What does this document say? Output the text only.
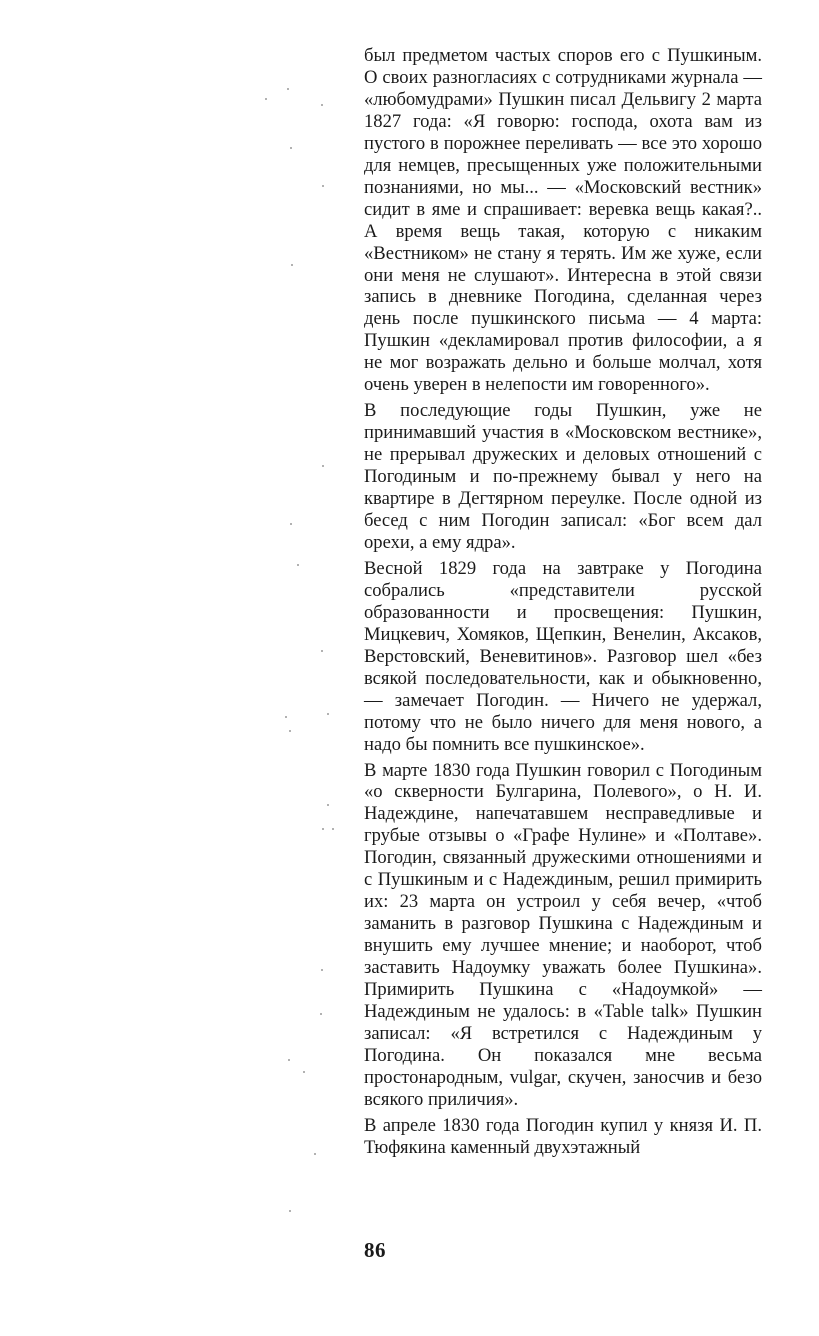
был предметом частых споров его с Пушкиным. О своих разногласиях с сотрудниками журнала — «любомудрами» Пушкин писал Дельвигу 2 марта 1827 года: «Я говорю: господа, охота вам из пустого в порожнее переливать — все это хорошо для немцев, пресыщенных уже положительными познаниями, но мы... — «Московский вестник» сидит в яме и спрашивает: веревка вещь какая?.. А время вещь такая, которую с никаким «Вестником» не стану я терять. Им же хуже, если они меня не слушают». Интересна в этой связи запись в дневнике Погодина, сделанная через день после пушкинского письма — 4 марта: Пушкин «декламировал против философии, а я не мог возражать дельно и больше молчал, хотя очень уверен в нелепости им говоренного».

В последующие годы Пушкин, уже не принимавший участия в «Московском вестнике», не прерывал дружеских и деловых отношений с Погодиным и по-прежнему бывал у него на квартире в Дегтярном переулке. После одной из бесед с ним Погодин записал: «Бог всем дал орехи, а ему ядра».

Весной 1829 года на завтраке у Погодина собрались «представители русской образованности и просвещения: Пушкин, Мицкевич, Хомяков, Щепкин, Венелин, Аксаков, Верстовский, Веневитинов». Разговор шел «без всякой последовательности, как и обыкновенно, — замечает Погодин. — Ничего не удержал, потому что не было ничего для меня нового, а надо бы помнить все пушкинское».

В марте 1830 года Пушкин говорил с Погодиным «о скверности Булгарина, Полевого», о Н. И. Надеждине, напечатавшем несправедливые и грубые отзывы о «Графе Нулине» и «Полтаве». Погодин, связанный дружескими отношениями и с Пушкиным и с Надеждиным, решил примирить их: 23 марта он устроил у себя вечер, «чтоб заманить в разговор Пушкина с Надеждиным и внушить ему лучшее мнение; и наоборот, чтоб заставить Надоумку уважать более Пушкина». Примирить Пушкина с «Надоумкой» — Надеждиным не удалось: в «Table talk» Пушкин записал: «Я встретился с Надеждиным у Погодина. Он показался мне весьма простонародным, vulgar, скучен, заносчив и безо всякого приличия».

В апреле 1830 года Погодин купил у князя И. П. Тюфякина каменный двухэтажный

86
